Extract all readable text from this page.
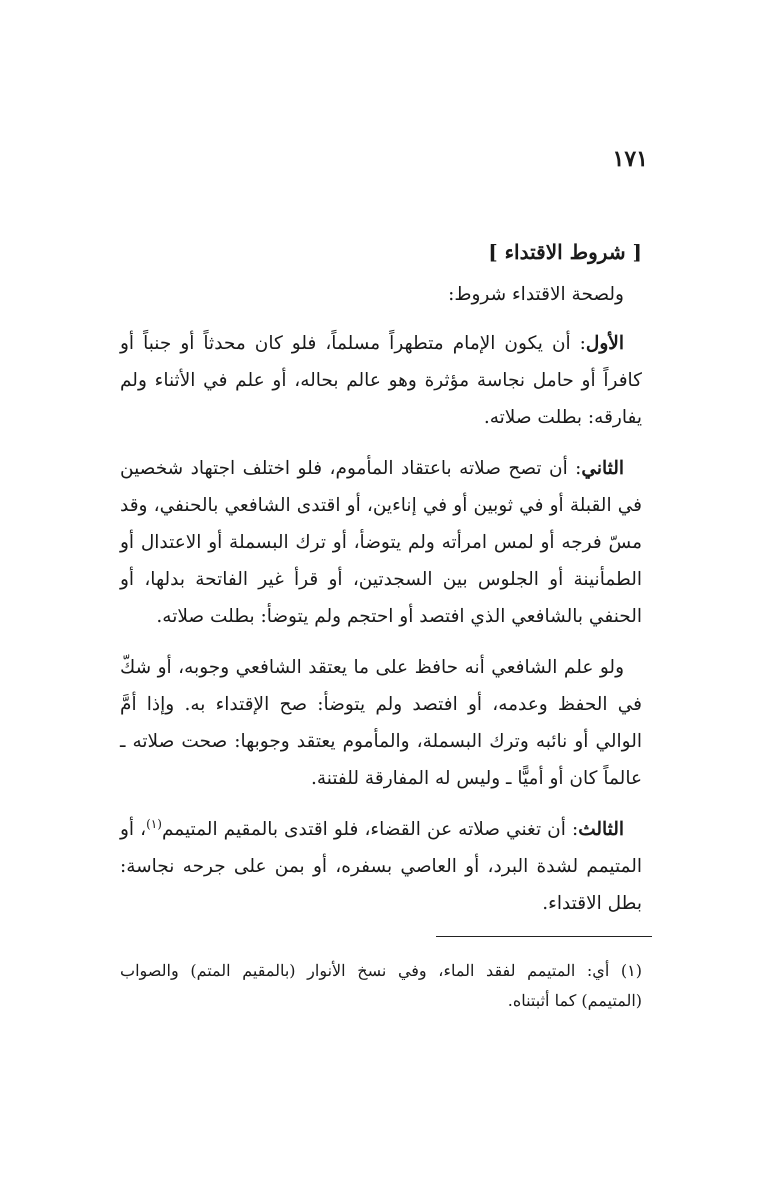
١٧١
[ شروط الاقتداء ]

ولصحة الاقتداء شروط:

الأول: أن يكون الإمام متطهراً مسلماً، فلو كان محدثاً أو جنباً أو كافراً أو حامل نجاسة مؤثرة وهو عالم بحاله، أو علم في الأثناء ولم يفارقه: بطلت صلاته.

الثاني: أن تصح صلاته باعتقاد المأموم، فلو اختلف اجتهاد شخصين في القبلة أو في ثوبين أو في إناءين، أو اقتدى الشافعي بالحنفي، وقد مسّ فرجه أو لمس امرأته ولم يتوضأ، أو ترك البسملة أو الاعتدال أو الطمأنينة أو الجلوس بين السجدتين، أو قرأ غير الفاتحة بدلها، أو الحنفي بالشافعي الذي افتصد أو احتجم ولم يتوضأ: بطلت صلاته.

ولو علم الشافعي أنه حافظ على ما يعتقد الشافعي وجوبه، أو شكّ في الحفظ وعدمه، أو افتصد ولم يتوضأ: صح الإقتداء به. وإذا أمَّ الوالي أو نائبه وترك البسملة، والمأموم يعتقد وجوبها: صحت صلاته ـ عالماً كان أو أميًّا ـ وليس له المفارقة للفتنة.

الثالث: أن تغني صلاته عن القضاء، فلو اقتدى بالمقيم المتيمم$^{(١)}$، أو المتيمم لشدة البرد، أو العاصي بسفره، أو بمن على جرحه نجاسة: بطل الاقتداء.

(١) أي: المتيمم لفقد الماء، وفي نسخ الأنوار (بالمقيم المتم) والصواب (المتيمم) كما أثبتناه.
